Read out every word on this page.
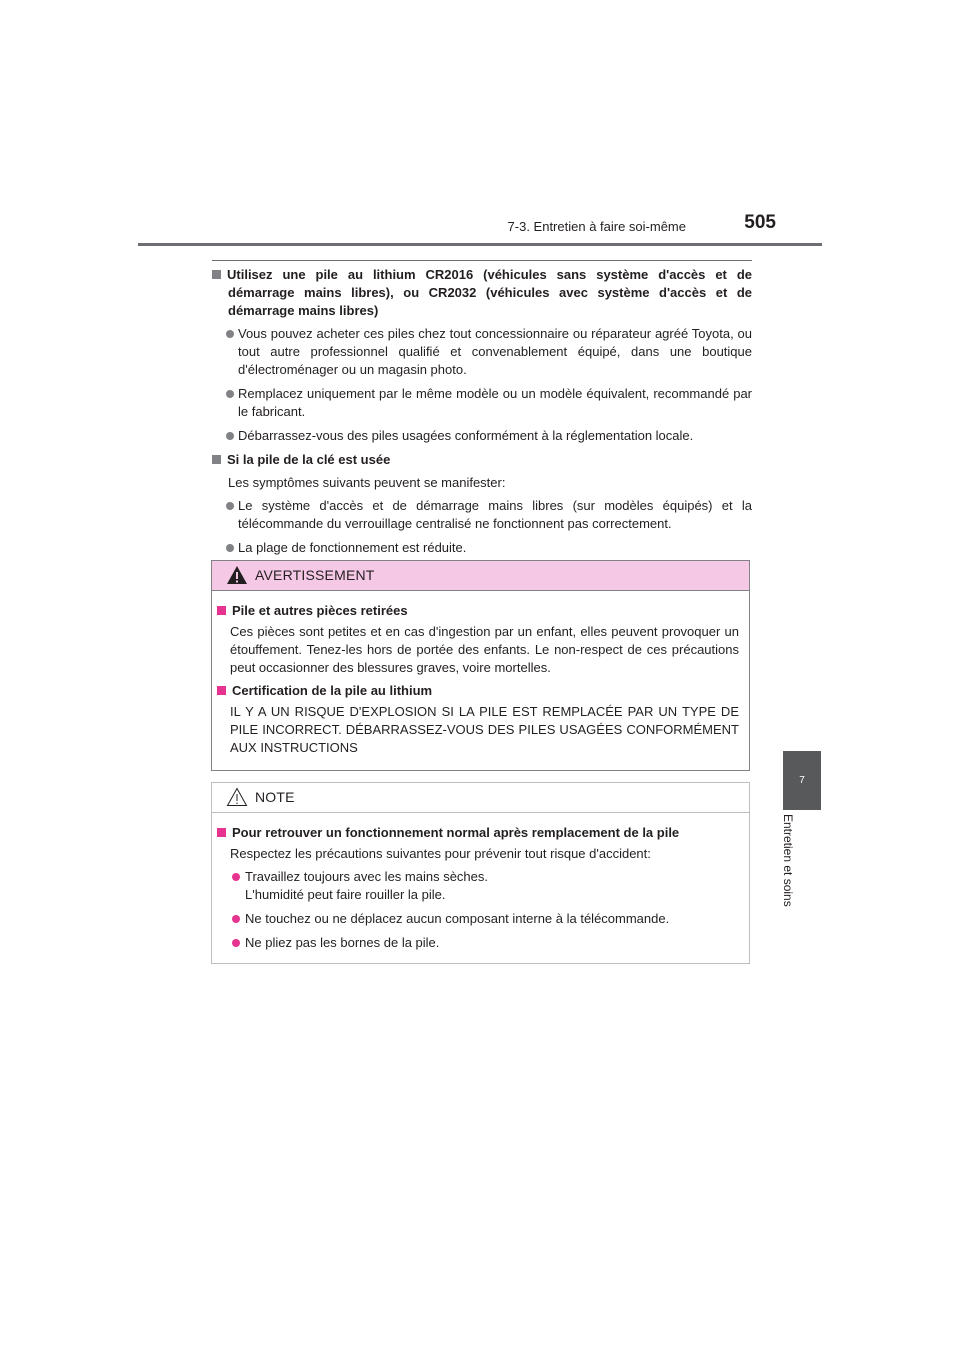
7-3. Entretien à faire soi-même	505
7
Entretien et soins
Utilisez une pile au lithium CR2016 (véhicules sans système d'accès et de démarrage mains libres), ou CR2032 (véhicules avec système d'accès et de démarrage mains libres)
Vous pouvez acheter ces piles chez tout concessionnaire ou réparateur agréé Toyota, ou tout autre professionnel qualifié et convenablement équipé, dans une boutique d'électroménager ou un magasin photo.
Remplacez uniquement par le même modèle ou un modèle équivalent, recommandé par le fabricant.
Débarrassez-vous des piles usagées conformément à la réglementation locale.
Si la pile de la clé est usée
Les symptômes suivants peuvent se manifester:
Le système d'accès et de démarrage mains libres (sur modèles équipés) et la télécommande du verrouillage centralisé ne fonctionnent pas correctement.
La plage de fonctionnement est réduite.
AVERTISSEMENT
Pile et autres pièces retirées
Ces pièces sont petites et en cas d'ingestion par un enfant, elles peuvent provoquer un étouffement. Tenez-les hors de portée des enfants. Le non-respect de ces précautions peut occasionner des blessures graves, voire mortelles.
Certification de la pile au lithium
IL Y A UN RISQUE D'EXPLOSION SI LA PILE EST REMPLACÉE PAR UN TYPE DE PILE INCORRECT. DÉBARRASSEZ-VOUS DES PILES USAGÉES CONFORMÉMENT AUX INSTRUCTIONS
NOTE
Pour retrouver un fonctionnement normal après remplacement de la pile
Respectez les précautions suivantes pour prévenir tout risque d'accident:
Travaillez toujours avec les mains sèches.
L'humidité peut faire rouiller la pile.
Ne touchez ou ne déplacez aucun composant interne à la télécommande.
Ne pliez pas les bornes de la pile.
